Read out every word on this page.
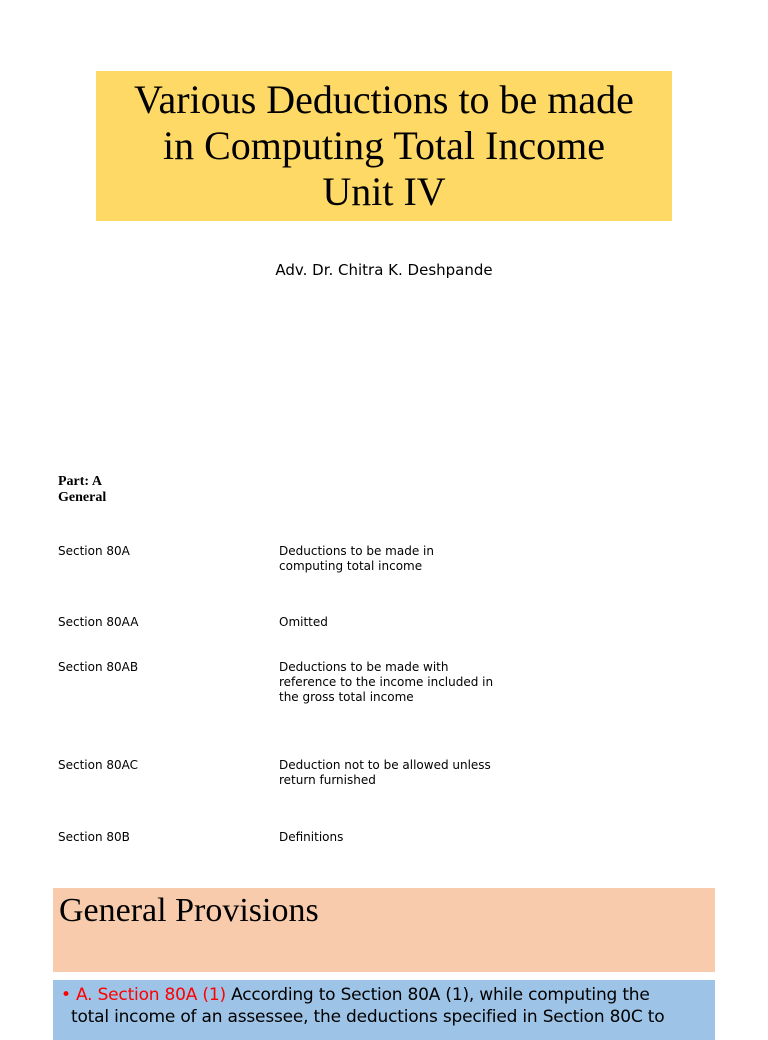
Various Deductions to be made
in Computing Total Income
Unit IV
Adv. Dr. Chitra K. Deshpande
Part: A
General
Section 80A	Deductions to be made in
computing total income
Section 80AA	Omitted
Section 80AB	Deductions to be made with
reference to the income included in
the gross total income
Section 80AC	Deduction not to be allowed unless
return furnished
Section 80B	Definitions
General Provisions
• A. Section 80A (1) According to Section 80A (1), while computing the
total income of an assessee, the deductions specified in Section 80C to
